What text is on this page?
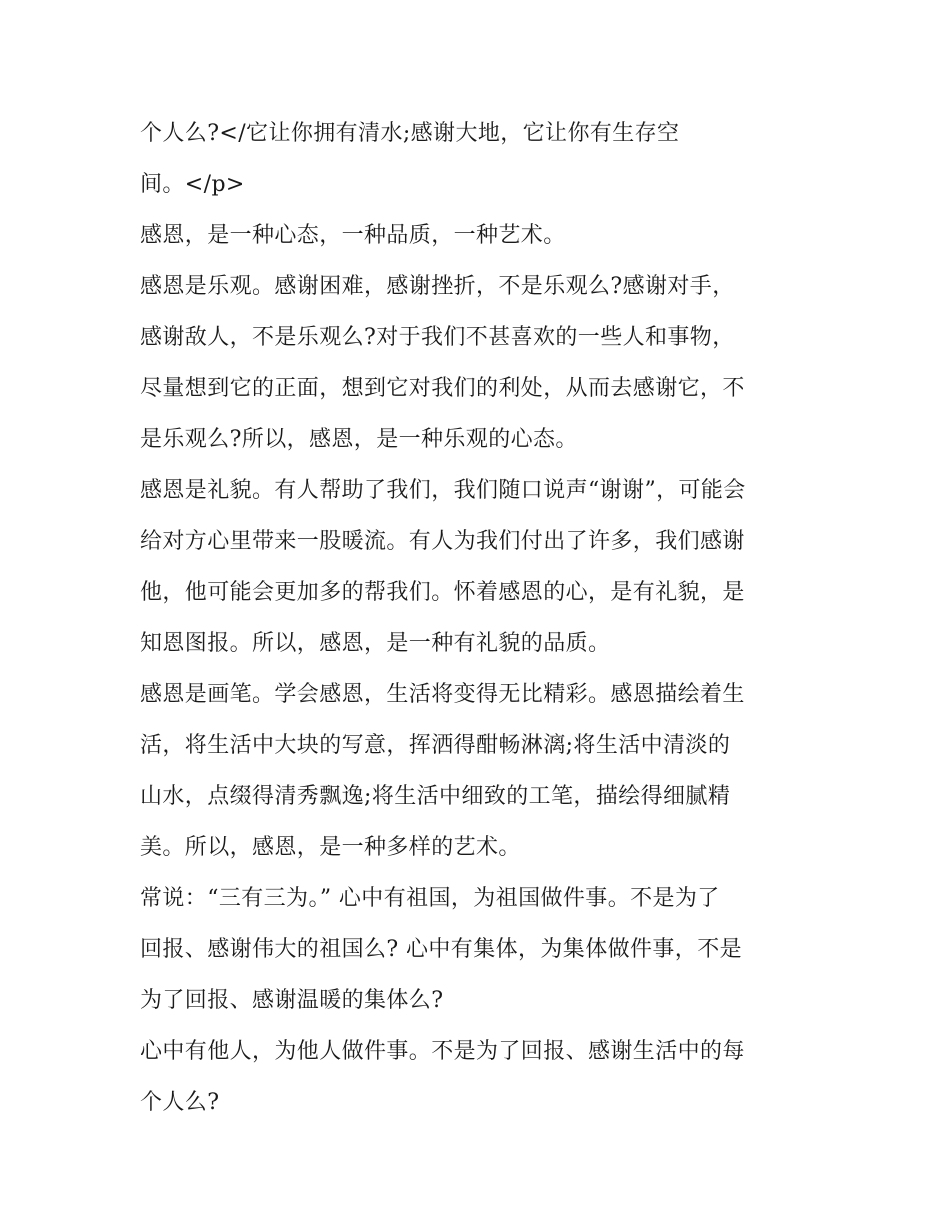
个人么?</它让你拥有清水;感谢大地，它让你有生存空
间。</p>

感恩，是一种心态，一种品质，一种艺术。

感恩是乐观。感谢困难，感谢挫折，不是乐观么?感谢对手，
感谢敌人，不是乐观么?对于我们不甚喜欢的一些人和事物，
尽量想到它的正面，想到它对我们的利处，从而去感谢它，不
是乐观么?所以，感恩，是一种乐观的心态。

感恩是礼貌。有人帮助了我们，我们随口说声“谢谢”，可能会
给对方心里带来一股暖流。有人为我们付出了许多，我们感谢
他，他可能会更加多的帮我们。怀着感恩的心，是有礼貌，是
知恩图报。所以，感恩，是一种有礼貌的品质。

感恩是画笔。学会感恩，生活将变得无比精彩。感恩描绘着生
活，将生活中大块的写意，挥洒得酣畅淋漓;将生活中清淡的
山水，点缀得清秀飘逸;将生活中细致的工笔，描绘得细腻精
美。所以，感恩，是一种多样的艺术。

常说：“三有三为。” 心中有祖国，为祖国做件事。不是为了
回报、感谢伟大的祖国么? 心中有集体，为集体做件事，不是
为了回报、感谢温暖的集体么?

心中有他人，为他人做件事。不是为了回报、感谢生活中的每
个人么?
